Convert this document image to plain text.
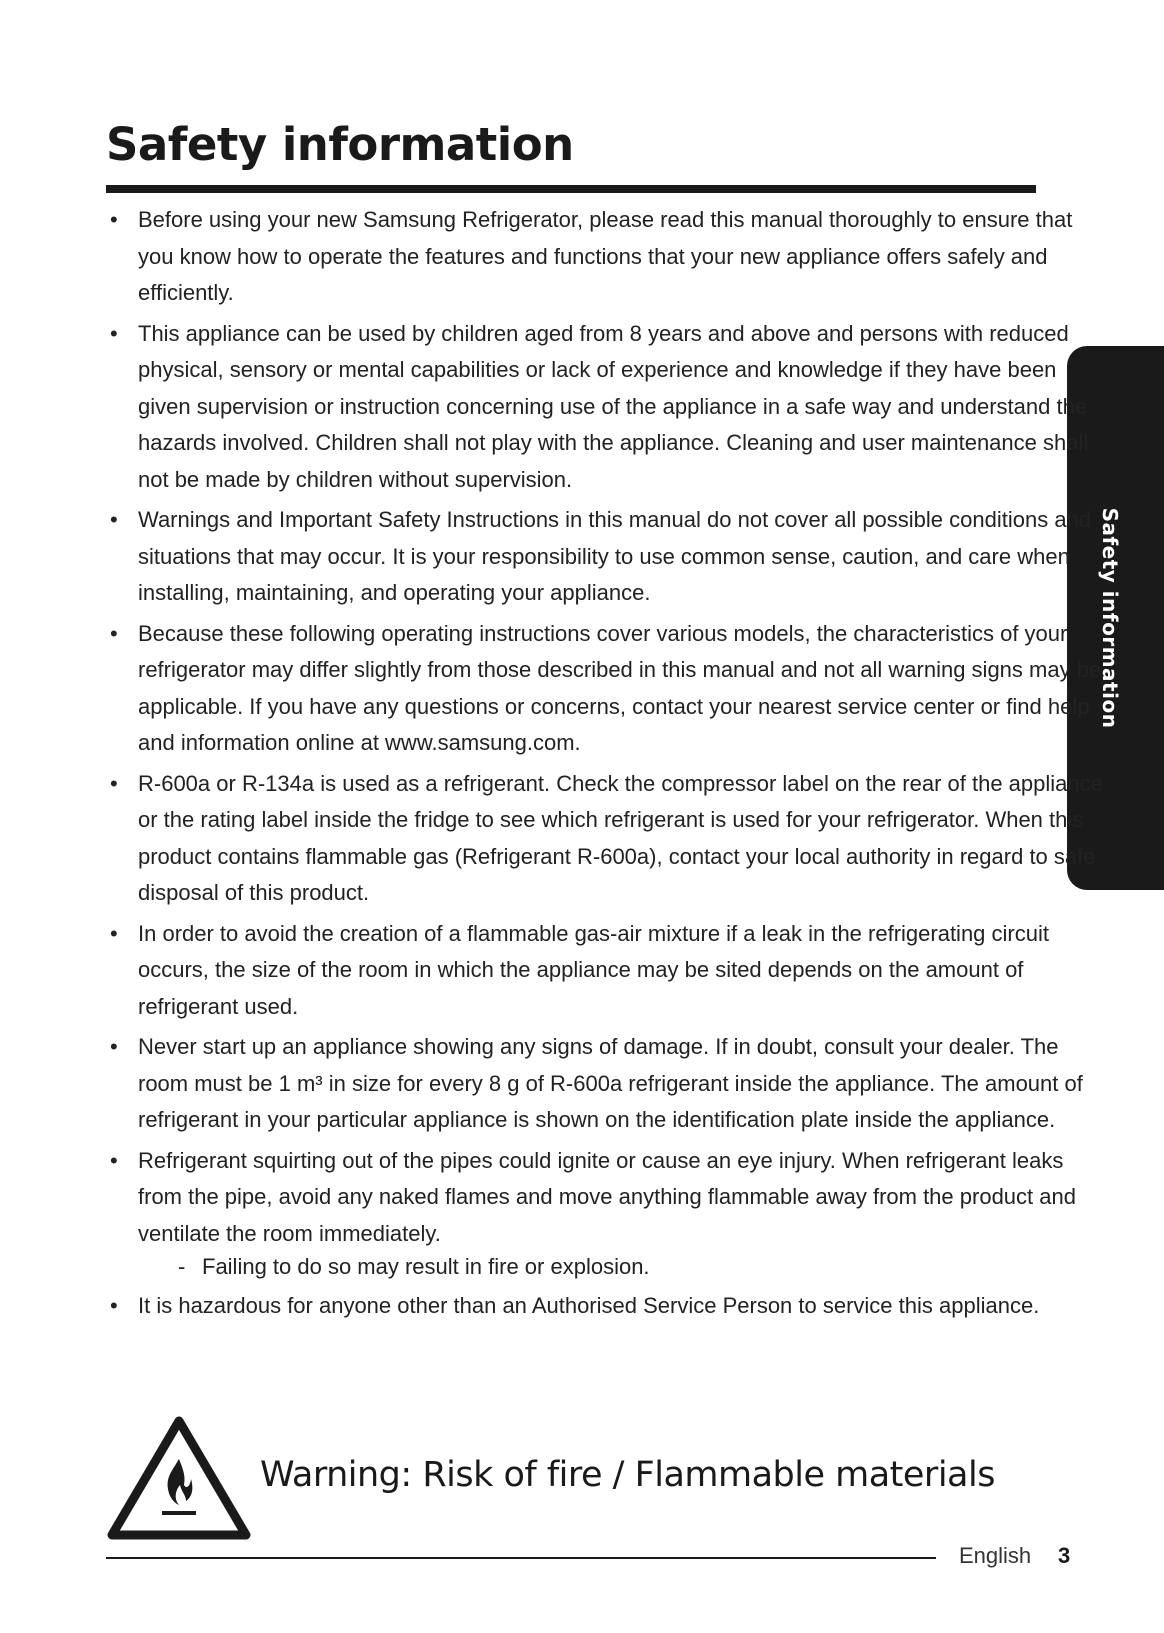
Safety information
Safety information
• Before using your new Samsung Refrigerator, please read this manual thoroughly to ensure that you know how to operate the features and functions that your new appliance offers safely and efficiently.
• This appliance can be used by children aged from 8 years and above and persons with reduced physical, sensory or mental capabilities or lack of experience and knowledge if they have been given supervision or instruction concerning use of the appliance in a safe way and understand the hazards involved. Children shall not play with the appliance. Cleaning and user maintenance shall not be made by children without supervision.
• Warnings and Important Safety Instructions in this manual do not cover all possible conditions and situations that may occur. It is your responsibility to use common sense, caution, and care when installing, maintaining, and operating your appliance.
• Because these following operating instructions cover various models, the characteristics of your refrigerator may differ slightly from those described in this manual and not all warning signs may be applicable. If you have any questions or concerns, contact your nearest service center or find help and information online at www.samsung.com.
• R-600a or R-134a is used as a refrigerant. Check the compressor label on the rear of the appliance or the rating label inside the fridge to see which refrigerant is used for your refrigerator. When this product contains flammable gas (Refrigerant R-600a), contact your local authority in regard to safe disposal of this product.
• In order to avoid the creation of a flammable gas-air mixture if a leak in the refrigerating circuit occurs, the size of the room in which the appliance may be sited depends on the amount of refrigerant used.
• Never start up an appliance showing any signs of damage. If in doubt, consult your dealer. The room must be 1 m³ in size for every 8 g of R-600a refrigerant inside the appliance. The amount of refrigerant in your particular appliance is shown on the identification plate inside the appliance.
• Refrigerant squirting out of the pipes could ignite or cause an eye injury. When refrigerant leaks from the pipe, avoid any naked flames and move anything flammable away from the product and ventilate the room immediately.
- Failing to do so may result in fire or explosion.
• It is hazardous for anyone other than an Authorised Service Person to service this appliance.
Warning: Risk of fire / Flammable materials
English 3
